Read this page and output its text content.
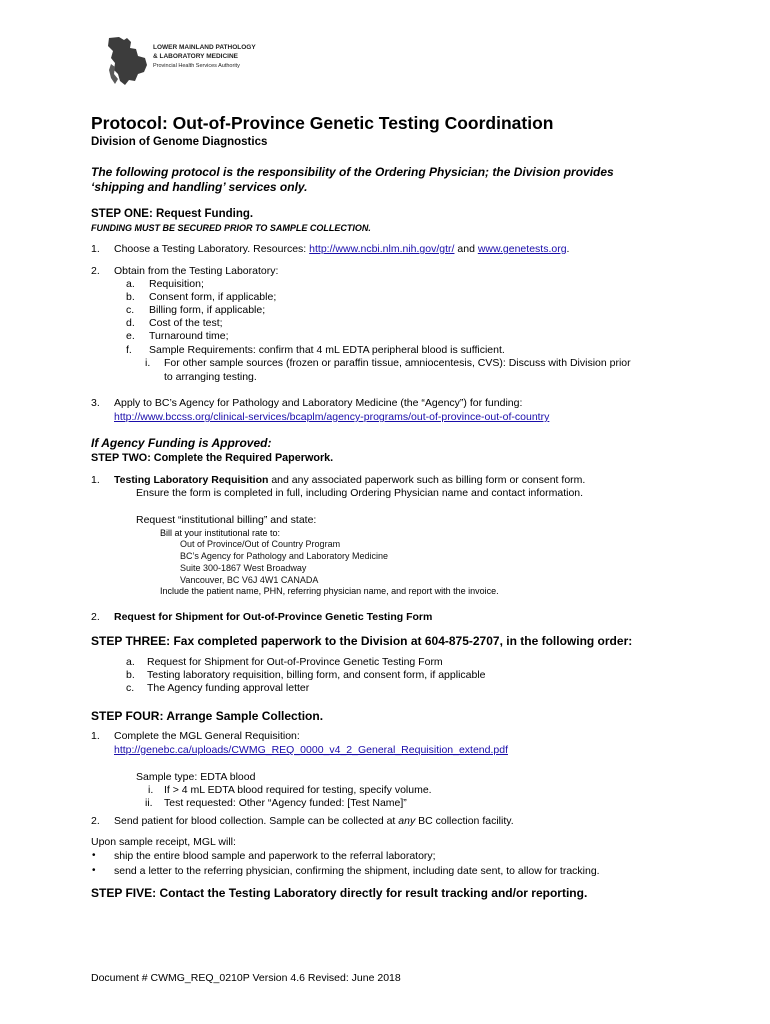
LOWER MAINLAND PATHOLOGY
& LABORATORY MEDICINE
Provincial Health Services Authority
Protocol: Out-of-Province Genetic Testing Coordination
Division of Genome Diagnostics
The following protocol is the responsibility of the Ordering Physician; the Division provides
‘shipping and handling’ services only.
STEP ONE: Request Funding.
FUNDING MUST BE SECURED PRIOR TO SAMPLE COLLECTION.
1. Choose a Testing Laboratory. Resources: http://www.ncbi.nlm.nih.gov/gtr/ and www.genetests.org.
2. Obtain from the Testing Laboratory:
a. Requisition;
b. Consent form, if applicable;
c. Billing form, if applicable;
d. Cost of the test;
e. Turnaround time;
f. Sample Requirements: confirm that 4 mL EDTA peripheral blood is sufficient.
i. For other sample sources (frozen or paraffin tissue, amniocentesis, CVS): Discuss with Division prior
to arranging testing.
3. Apply to BC’s Agency for Pathology and Laboratory Medicine (the “Agency”) for funding:
http://www.bccss.org/clinical-services/bcaplm/agency-programs/out-of-province-out-of-country
If Agency Funding is Approved:
STEP TWO: Complete the Required Paperwork.
1. Testing Laboratory Requisition and any associated paperwork such as billing form or consent form.
Ensure the form is completed in full, including Ordering Physician name and contact information.
Request “institutional billing” and state:
Bill at your institutional rate to:
Out of Province/Out of Country Program
BC’s Agency for Pathology and Laboratory Medicine
Suite 300-1867 West Broadway
Vancouver, BC V6J 4W1 CANADA
Include the patient name, PHN, referring physician name, and report with the invoice.
2. Request for Shipment for Out-of-Province Genetic Testing Form
STEP THREE: Fax completed paperwork to the Division at 604-875-2707, in the following order:
a. Request for Shipment for Out-of-Province Genetic Testing Form
b. Testing laboratory requisition, billing form, and consent form, if applicable
c. The Agency funding approval letter
STEP FOUR: Arrange Sample Collection.
1. Complete the MGL General Requisition:
http://genebc.ca/uploads/CWMG_REQ_0000_v4_2_General_Requisition_extend.pdf
Sample type: EDTA blood
i. If > 4 mL EDTA blood required for testing, specify volume.
ii. Test requested: Other “Agency funded: [Test Name]”
2. Send patient for blood collection. Sample can be collected at any BC collection facility.
Upon sample receipt, MGL will:
• ship the entire blood sample and paperwork to the referral laboratory;
• send a letter to the referring physician, confirming the shipment, including date sent, to allow for tracking.
STEP FIVE: Contact the Testing Laboratory directly for result tracking and/or reporting.
Document # CWMG_REQ_0210P Version 4.6 Revised: June 2018
